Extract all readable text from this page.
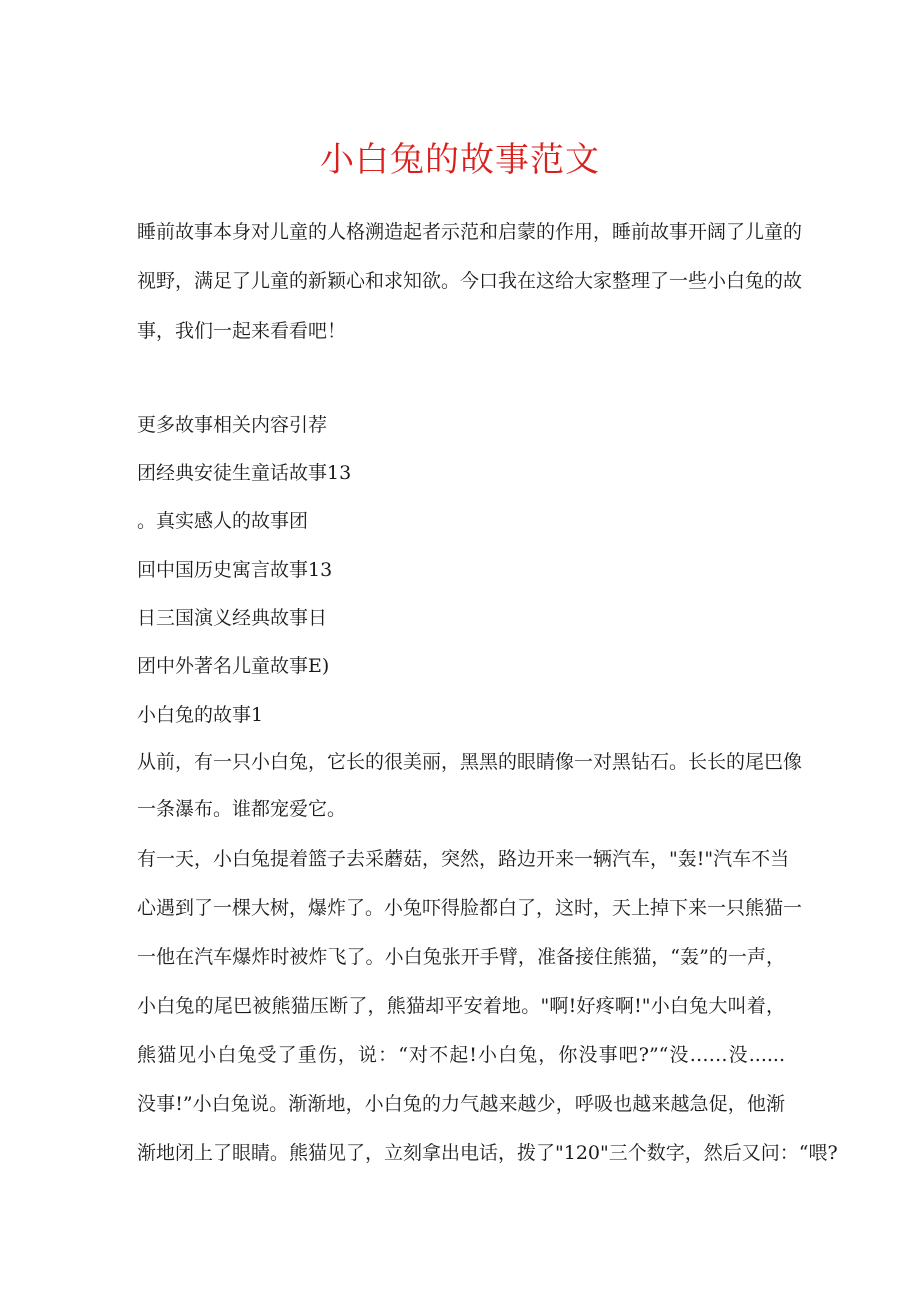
小白兔的故事范文

睡前故事本身对儿童的人格溯造起者示范和启蒙的作用，睡前故事开阔了儿童的

视野，满足了儿童的新颖心和求知欲。今口我在这给大家整理了一些小白兔的故

事，我们一起来看看吧！

更多故事相关内容引荐

团经典安徒生童话故事13

。真实感人的故事团

回中国历史寓言故事13

日三国演义经典故事日

团中外著名儿童故事E)

小白兔的故事1

从前，有一只小白兔，它长的很美丽，黑黑的眼睛像一对黑钻石。长长的尾巴像

一条瀑布。谁都宠爱它。

有一天，小白兔提着篮子去采蘑菇，突然，路边开来一辆汽车，"轰!"汽车不当

心遇到了一棵大树，爆炸了。小兔吓得脸都白了，这时，天上掉下来一只熊猫一

一他在汽车爆炸时被炸飞了。小白兔张开手臂，准备接住熊猫，“轰”的一声，

小白兔的尾巴被熊猫压断了，熊猫却平安着地。"啊!好疼啊!"小白兔大叫着，

熊猫见小白兔受了重伤，说：“对不起!小白兔，你没事吧?”“没……没......

没事!”小白兔说。渐渐地，小白兔的力气越来越少，呼吸也越来越急促，他渐

渐地闭上了眼睛。熊猫见了，立刻拿出电话，拨了"120"三个数字，然后又问：“喂?
